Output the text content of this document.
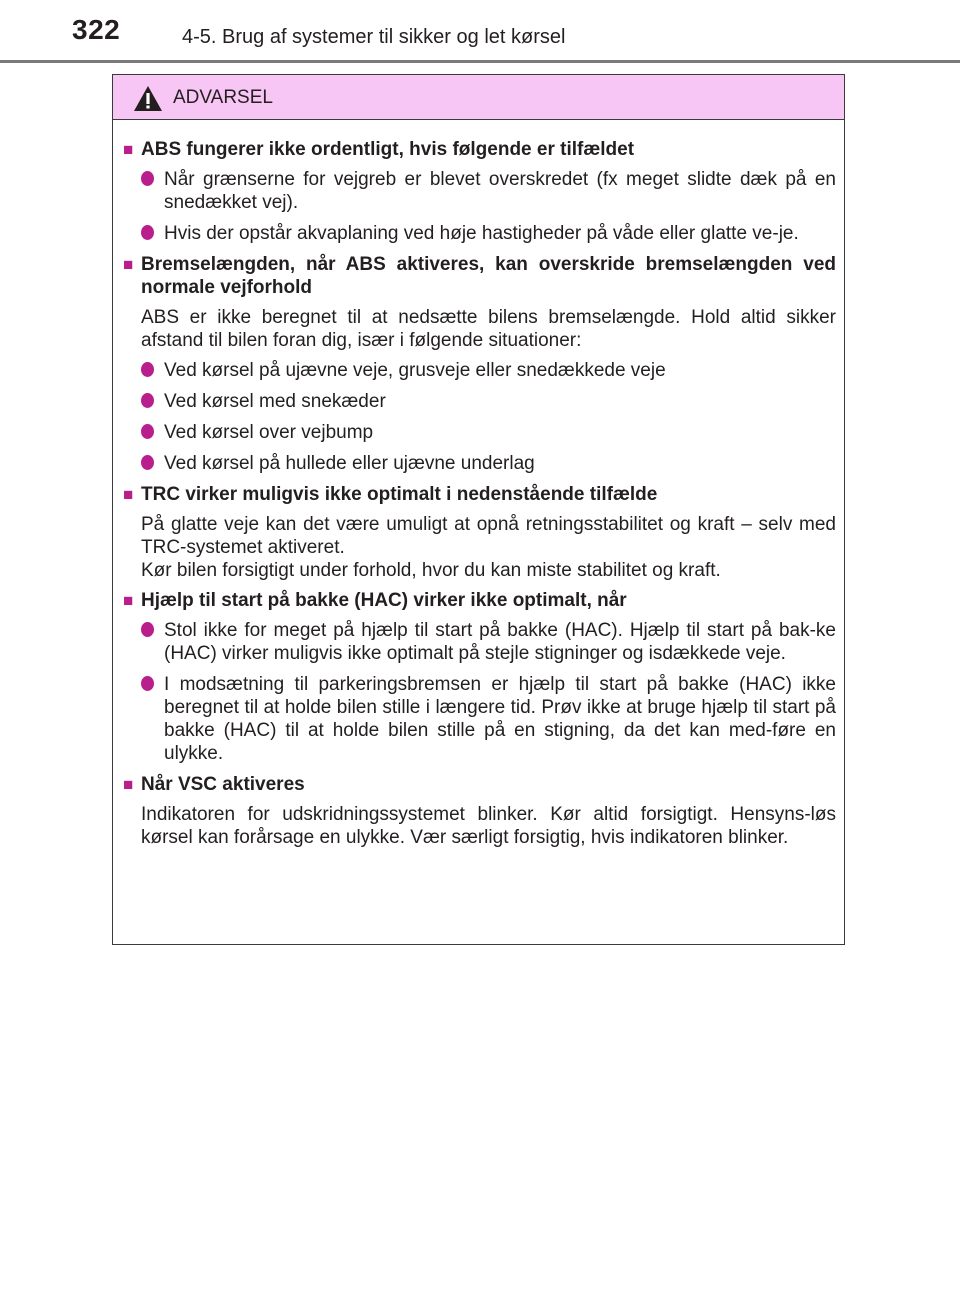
322	4-5. Brug af systemer til sikker og let kørsel
ADVARSEL
■ ABS fungerer ikke ordentligt, hvis følgende er tilfældet
Når grænserne for vejgreb er blevet overskredet (fx meget slidte dæk på en snedækket vej).
Hvis der opstår akvaplaning ved høje hastigheder på våde eller glatte ve-je.
■ Bremselængden, når ABS aktiveres, kan overskride bremselængden ved normale vejforhold
ABS er ikke beregnet til at nedsætte bilens bremselængde. Hold altid sikker afstand til bilen foran dig, især i følgende situationer:
Ved kørsel på ujævne veje, grusveje eller snedækkede veje
Ved kørsel med snekæder
Ved kørsel over vejbump
Ved kørsel på hullede eller ujævne underlag
■ TRC virker muligvis ikke optimalt i nedenstående tilfælde
På glatte veje kan det være umuligt at opnå retningsstabilitet og kraft – selv med TRC-systemet aktiveret.
Kør bilen forsigtigt under forhold, hvor du kan miste stabilitet og kraft.
■ Hjælp til start på bakke (HAC) virker ikke optimalt, når
Stol ikke for meget på hjælp til start på bakke (HAC). Hjælp til start på bak-ke (HAC) virker muligvis ikke optimalt på stejle stigninger og isdækkede veje.
I modsætning til parkeringsbremsen er hjælp til start på bakke (HAC) ikke beregnet til at holde bilen stille i længere tid. Prøv ikke at bruge hjælp til start på bakke (HAC) til at holde bilen stille på en stigning, da det kan med-føre en ulykke.
■ Når VSC aktiveres
Indikatoren for udskridningssystemet blinker. Kør altid forsigtigt. Hensyns-løs kørsel kan forårsage en ulykke. Vær særligt forsigtig, hvis indikatoren blinker.
